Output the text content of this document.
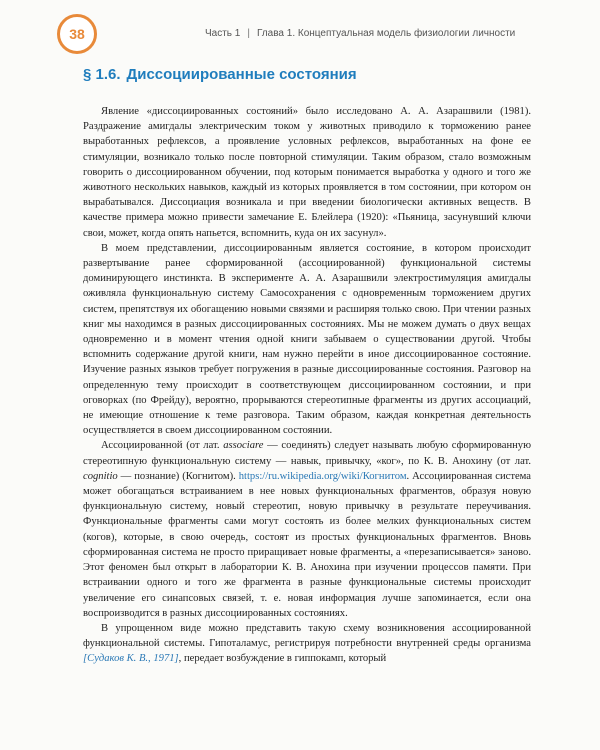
38	Часть 1 | Глава 1. Концептуальная модель физиологии личности
§ 1.6. Диссоциированные состояния

Явление «диссоциированных состояний» было исследовано А. А. Азарашвили (1981). Раздражение амигдалы электрическим током у животных приводило к торможению ранее выработанных рефлексов, а проявление условных рефлексов, выработанных на фоне ее стимуляции, возникало только после повторной стимуляции. Таким образом, стало возможным говорить о диссоциированном обучении, под которым понимается выработка у одного и того же животного нескольких навыков, каждый из которых проявляется в том состоянии, при котором он вырабатывался. Диссоциация возникала и при введении биологически активных веществ. В качестве примера можно привести замечание Е. Блейлера (1920): «Пьяница, засунувший ключи свои, может, когда опять напьется, вспомнить, куда он их засунул».

В моем представлении, диссоциированным является состояние, в котором происходит развертывание ранее сформированной (ассоциированной) функциональной системы доминирующего инстинкта. В эксперименте А. А. Азарашвили электростимуляция амигдалы оживляла функциональную систему Самосохранения с одновременным торможением других систем, препятствуя их обогащению новыми связями и расширяя только свою. При чтении разных книг мы находимся в разных диссоциированных состояниях. Мы не можем думать о двух вещах одновременно и в момент чтения одной книги забываем о существовании другой. Чтобы вспомнить содержание другой книги, нам нужно перейти в иное диссоциированное состояние. Изучение разных языков требует погружения в разные диссоциированные состояния. Разговор на определенную тему происходит в соответствующем диссоциированном состоянии, и при оговорках (по Фрейду), вероятно, прорываются стереотипные фрагменты из других ассоциаций, не имеющие отношение к теме разговора. Таким образом, каждая конкретная деятельность осуществляется в своем диссоциированном состоянии.

Ассоциированной (от лат. associare — соединять) следует называть любую сформированную стереотипную функциональную систему — навык, привычку, «ког», по К. В. Анохину (от лат. cognitio — познание) (Когнитом). https://ru.wikipedia.org/wiki/Когнитом. Ассоциированная система может обогащаться встраиванием в нее новых функциональных фрагментов, образуя новую функциональную систему, новый стереотип, новую привычку в результате переучивания. Функциональные фрагменты сами могут состоять из более мелких функциональных систем (когов), которые, в свою очередь, состоят из простых функциональных фрагментов. Вновь сформированная система не просто приращивает новые фрагменты, а «перезаписывается» заново. Этот феномен был открыт в лаборатории К. В. Анохина при изучении процессов памяти. При встраивании одного и того же фрагмента в разные функциональные системы происходит увеличение его синапсовых связей, т. е. новая информация лучше запоминается, если она воспроизводится в разных диссоциированных состояниях.

В упрощенном виде можно представить такую схему возникновения ассоциированной функциональной системы. Гипоталамус, регистрируя потребности внутренней среды организма [Судаков К. В., 1971], передает возбуждение в гиппокамп, который
